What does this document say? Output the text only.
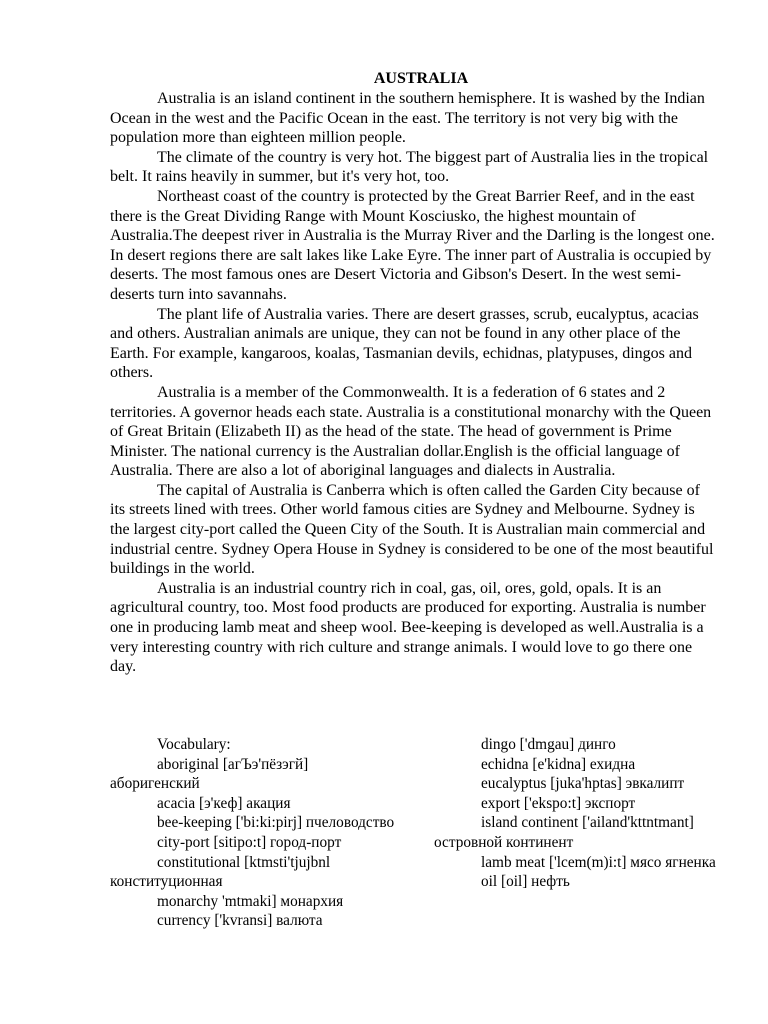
AUSTRALIA

Australia is an island continent in the southern hemisphere. It is washed by the Indian Ocean in the west and the Pacific Ocean in the east. The territory is not very big with the population more than eighteen million people.

The climate of the country is very hot. The biggest part of Australia lies in the tropical belt. It rains heavily in summer, but it's very hot, too.

Northeast coast of the country is protected by the Great Barrier Reef, and in the east there is the Great Dividing Range with Mount Kosciusko, the highest mountain of Australia.The deepest river in Australia is the Murray River and the Darling is the longest one. In desert regions there are salt lakes like Lake Eyre. The inner part of Australia is occupied by deserts. The most famous ones are Desert Victoria and Gibson's Desert. In the west semi-deserts turn into savannahs.

The plant life of Australia varies. There are desert grasses, scrub, eucalyptus, acacias and others. Australian animals are unique, they can not be found in any other place of the Earth. For example, kangaroos, koalas, Tasmanian devils, echidnas, platypuses, dingos and others.

Australia is a member of the Commonwealth. It is a federation of 6 states and 2 territories. A governor heads each state. Australia is a constitutional monarchy with the Queen of Great Britain (Elizabeth II) as the head of the state. The head of government is Prime Minister. The national currency is the Australian dollar.English is the official language of Australia. There are also a lot of aboriginal languages and dialects in Australia.

The capital of Australia is Canberra which is often called the Garden City because of its streets lined with trees. Other world famous cities are Sydney and Melbourne. Sydney is the largest city-port called the Queen City of the South. It is Australian main commercial and industrial centre. Sydney Opera House in Sydney is considered to be one of the most beautiful buildings in the world.

Australia is an industrial country rich in coal, gas, oil, ores, gold, opals. It is an agricultural country, too. Most food products are produced for exporting. Australia is number one in producing lamb meat and sheep wool. Bee-keeping is developed as well.Australia is a very interesting country with rich culture and strange animals. I would love to go there one day.

Vocabulary:

aboriginal [агЪэ'пёзэгй] аборигенский

acacia [э'кеф] акация

bee-keeping ['bi:ki:pirj] пчеловодство

city-port [sitipo:t] город-порт

constitutional [ktmsti'tjujbnl конституционная

monarchy 'mtmaki] монархия

currency ['kvransi] валюта

dingo ['dmgau] динго

echidna [e'kidna] ехидна

eucalyptus [juka'hptas] эвкалипт

export ['ekspo:t] экспорт

island continent ['ailand'kttntmant] островной континент

lamb meat ['lcem(m)i:t] мясо ягненка

oil [oil] нефть
